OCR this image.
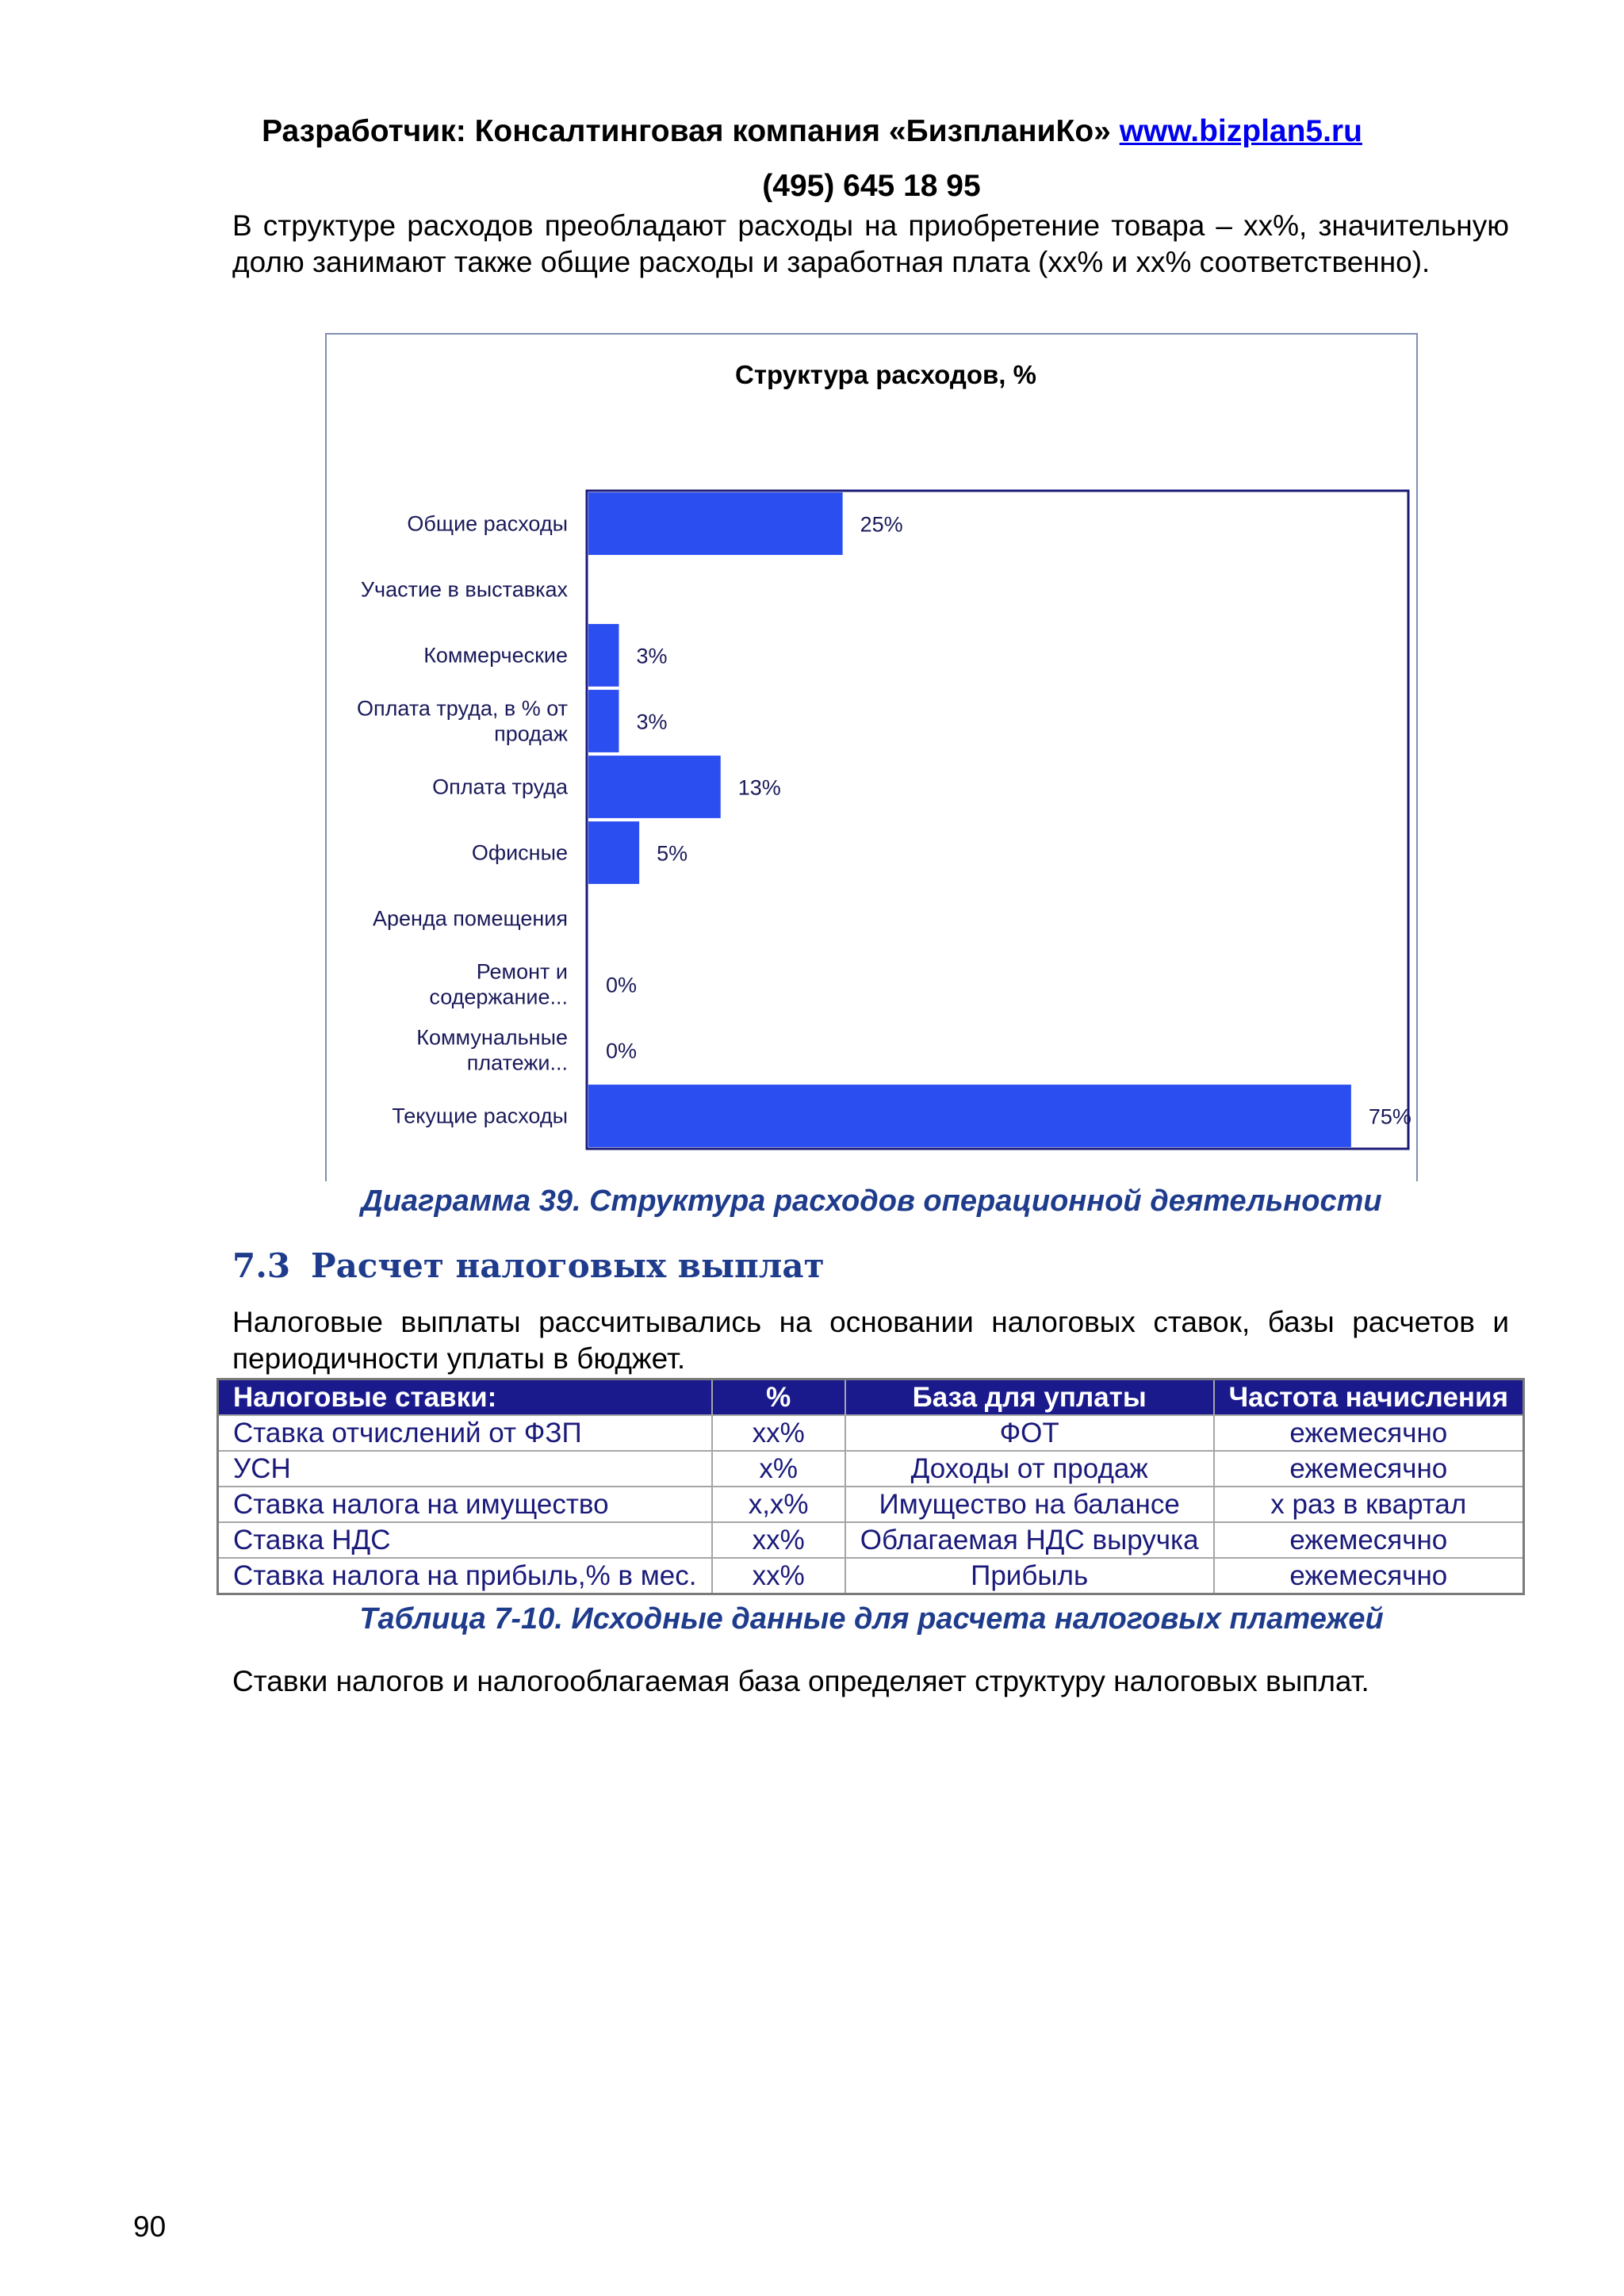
Разработчик: Консалтинговая компания «БизпланиКо» www.bizplan5.ru
(495) 645 18 95
В структуре расходов преобладают расходы на приобретение товара – хх%, значительную долю занимают также общие расходы и заработная плата (хх% и хх% соответственно).
Структура расходов, %
Общие расходы	25%
Участие в выставках
Коммерческие	3%
Оплата труда, в % от продаж	3%
Оплата труда	13%
Офисные	5%
Аренда помещения
Ремонт и содержание... 0%
Коммунальные платежи... 0%
Текущие расходы	75%
Диаграмма 39. Структура расходов операционной деятельности
7.3 Расчет налоговых выплат
Налоговые выплаты рассчитывались на основании налоговых ставок, базы расчетов и периодичности уплаты в бюджет.
Налоговые ставки:	%	База для уплаты	Частота начисления
Ставка отчислений от ФЗП	хх%	ФОТ	ежемесячно
УСН	х%	Доходы от продаж	ежемесячно
Ставка налога на имущество	х,х%	Имущество на балансе	х раз в квартал
Ставка НДС	хх%	Облагаемая НДС выручка	ежемесячно
Ставка налога на прибыль,% в мес.	хх%	Прибыль	ежемесячно
Таблица 7-10. Исходные данные для расчета налоговых платежей
Ставки налогов и налогооблагаемая база определяет структуру налоговых выплат.
90
